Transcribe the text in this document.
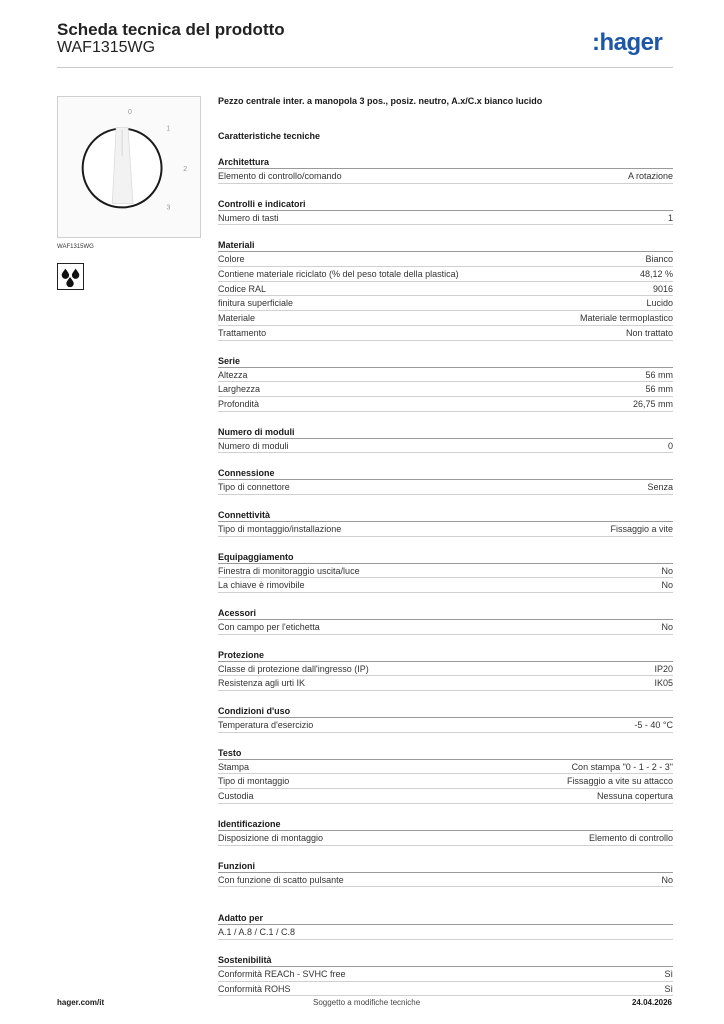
Scheda tecnica del prodotto
WAF1315WG	:hager
0
1
2
3
WAF1315WG
Pezzo centrale inter. a manopola 3 pos., posiz. neutro, A.x/C.x bianco lucido
Caratteristiche tecniche
Architettura
Elemento di controllo/comando	A rotazione
Controlli e indicatori
Numero di tasti	1
Materiali
Colore	Bianco
Contiene materiale riciclato (% del peso totale della plastica)	48,12 %
Codice RAL	9016
finitura superficiale	Lucido
Materiale	Materiale termoplastico
Trattamento	Non trattato
Serie
Altezza	56 mm
Larghezza	56 mm
Profondità	26,75 mm
Numero di moduli
Numero di moduli	0
Connessione
Tipo di connettore	Senza
Connettività
Tipo di montaggio/installazione	Fissaggio a vite
Equipaggiamento
Finestra di monitoraggio uscita/luce	No
La chiave è rimovibile	No
Acessori
Con campo per l'etichetta	No
Protezione
Classe di protezione dall'ingresso (IP)	IP20
Resistenza agli urti IK	IK05
Condizioni d'uso
Temperatura d'esercizio	-5 - 40 °C
Testo
Stampa	Con stampa "0 - 1 - 2 - 3"
Tipo di montaggio	Fissaggio a vite su attacco
Custodia	Nessuna copertura
Identificazione
Disposizione di montaggio	Elemento di controllo
Funzioni
Con funzione di scatto pulsante	No
Adatto per
A.1 / A.8 / C.1 / C.8
Sostenibilità
Conformità REACh - SVHC free	Sì
Conformità ROHS	Sì
hager.com/it	Soggetto a modifiche tecniche	24.04.2026
